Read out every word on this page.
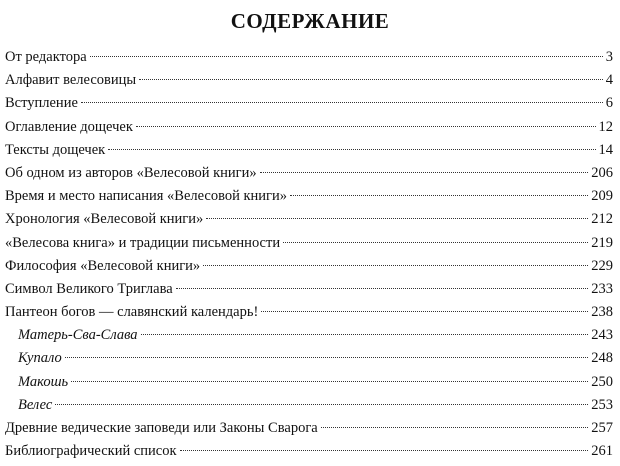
СОДЕРЖАНИЕ
От редактора	3
Алфавит велесовицы	4
Вступление	6
Оглавление дощечек	12
Тексты дощечек	14
Об одном из авторов «Велесовой книги»	206
Время и место написания «Велесовой книги»	209
Хронология «Велесовой книги»	212
«Велесова книга» и традиции письменности	219
Философия «Велесовой книги»	229
Символ Великого Триглава	233
Пантеон богов — славянский календарь!	238
Матерь-Сва-Слава	243
Купало	248
Макошь	250
Велес	253
Древние ведические заповеди или Законы Сварога	257
Библиографический список	261
